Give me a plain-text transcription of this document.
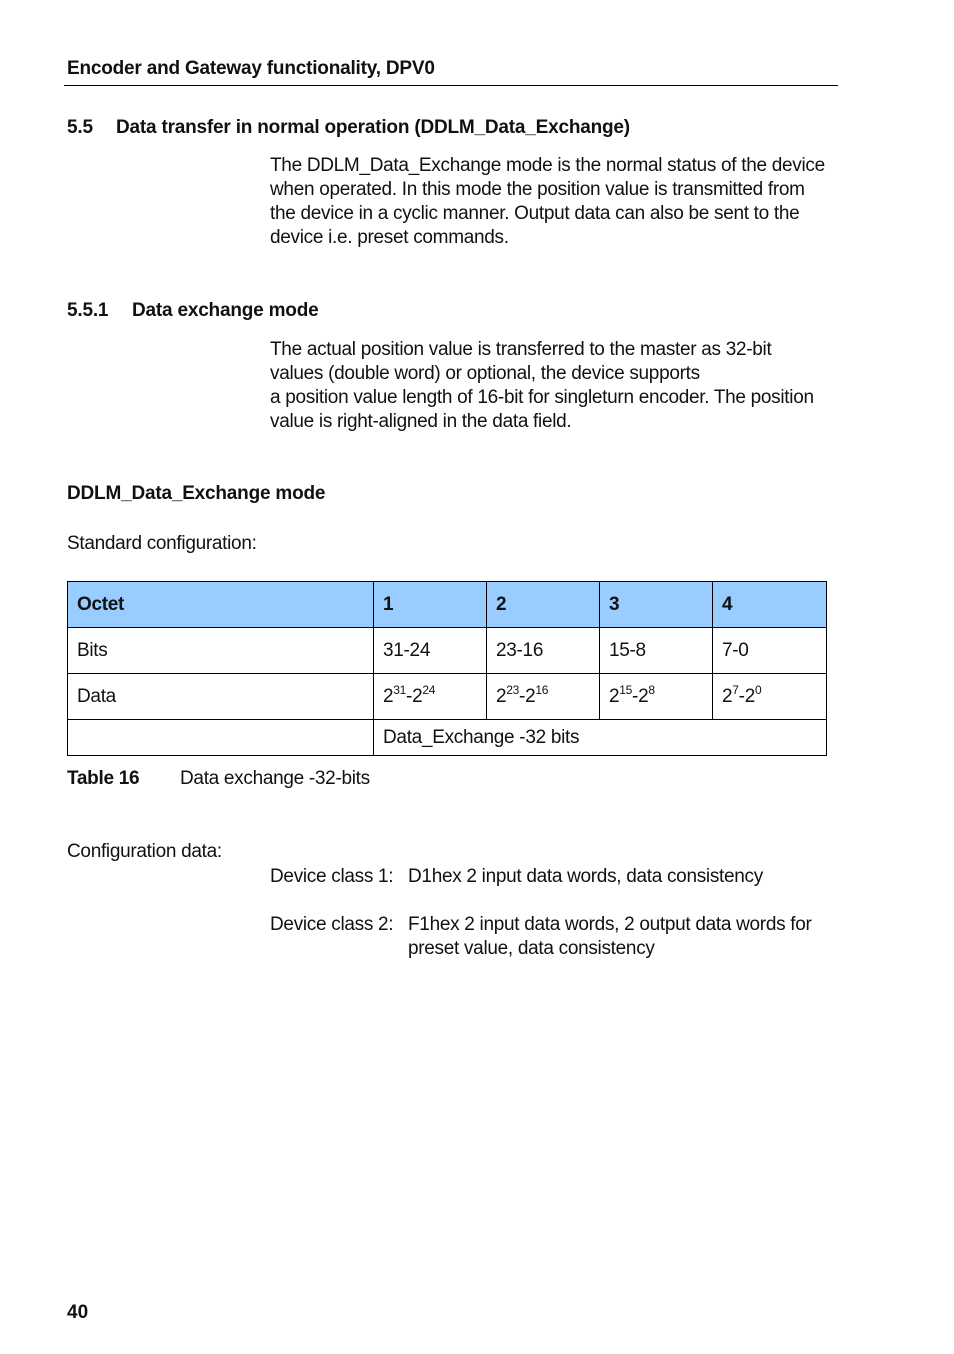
Encoder and Gateway functionality, DPV0
5.5 Data transfer in normal operation (DDLM_Data_Exchange)

The DDLM_Data_Exchange mode is the normal status of the device when operated. In this mode the position value is transmitted from the device in a cyclic manner. Output data can also be sent to the device i.e. preset commands.

5.5.1 Data exchange mode

The actual position value is transferred to the master as 32-bit values (double word) or optional, the device supports

a position value length of 16-bit for singleturn encoder. The position value is right-aligned in the data field.

DDLM_Data_Exchange mode
Standard configuration:
Octet	1	2	3	4
Bits	31-24	23-16	15-8	7-0
Data	$2^{31}-2^{24}$	$2^{23}-2^{16}$	$2^{15}-2^8$	$2^7-2^0$
	Data_Exchange -32 bits			
Table 16 Data exchange -32-bits
Configuration data:
Device class 1: D1hex 2 input data words, data consistency
Device class 2: F1hex 2 input data words, 2 output data words for preset value, data consistency
40
